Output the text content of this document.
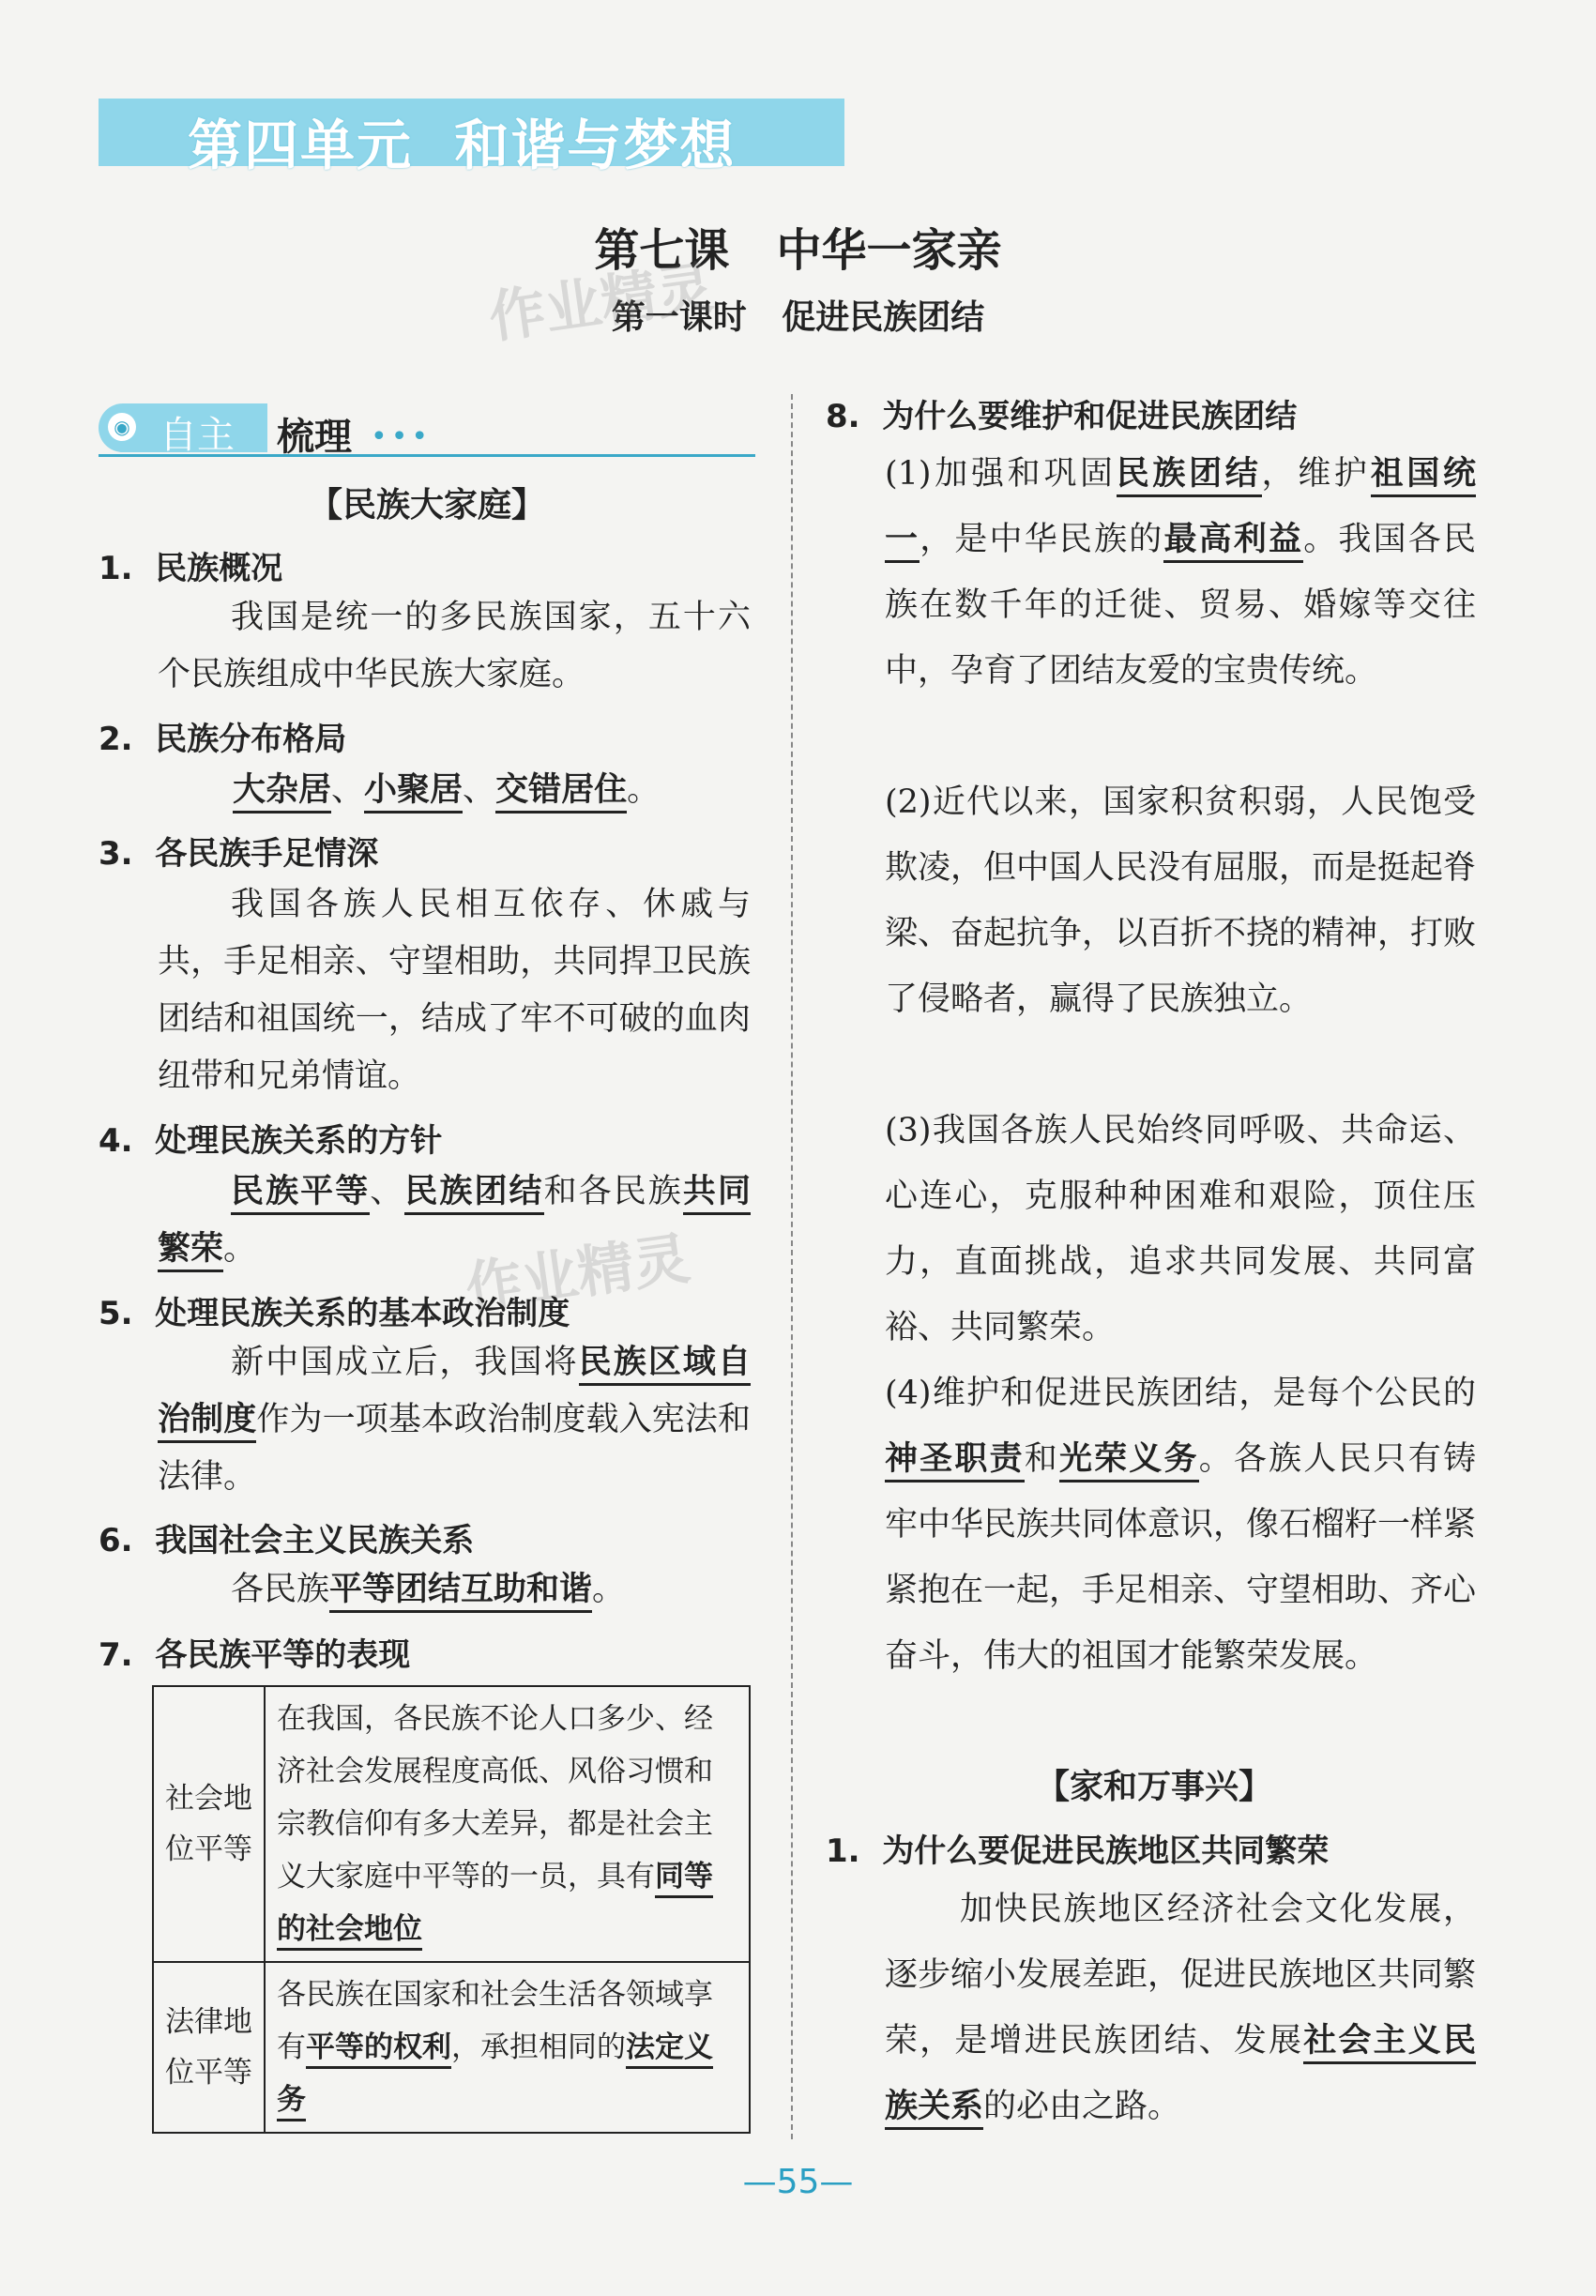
第四单元  和谐与梦想
第七课   中华一家亲
第一课时   促进民族团结
作业精灵
作业精灵
◉ 自主 梳理 •••
【民族大家庭】
1.  民族概况
我国是统一的多民族国家，五十六个民族组成中华民族大家庭。
2.  民族分布格局
大杂居、小聚居、交错居住。
3.  各民族手足情深
我国各族人民相互依存、休戚与共，手足相亲、守望相助，共同捍卫民族团结和祖国统一，结成了牢不可破的血肉纽带和兄弟情谊。
4.  处理民族关系的方针
民族平等、民族团结和各民族共同繁荣。
5.  处理民族关系的基本政治制度
新中国成立后，我国将民族区域自治制度作为一项基本政治制度载入宪法和法律。
6.  我国社会主义民族关系
各民族平等团结互助和谐。
7.  各民族平等的表现
社会地位平等	在我国，各民族不论人口多少、经济社会发展程度高低、风俗习惯和宗教信仰有多大差异，都是社会主义大家庭中平等的一员，具有同等的社会地位
法律地位平等	各民族在国家和社会生活各领域享有平等的权利，承担相同的法定义务
8.  为什么要维护和促进民族团结
(1)加强和巩固民族团结，维护祖国统一，是中华民族的最高利益。我国各民族在数千年的迁徙、贸易、婚嫁等交往中，孕育了团结友爱的宝贵传统。
(2)近代以来，国家积贫积弱，人民饱受欺凌，但中国人民没有屈服，而是挺起脊梁、奋起抗争，以百折不挠的精神，打败了侵略者，赢得了民族独立。
(3)我国各族人民始终同呼吸、共命运、心连心，克服种种困难和艰险，顶住压力，直面挑战，追求共同发展、共同富裕、共同繁荣。
(4)维护和促进民族团结，是每个公民的神圣职责和光荣义务。各族人民只有铸牢中华民族共同体意识，像石榴籽一样紧紧抱在一起，手足相亲、守望相助、齐心奋斗，伟大的祖国才能繁荣发展。
【家和万事兴】
1.  为什么要促进民族地区共同繁荣
加快民族地区经济社会文化发展，逐步缩小发展差距，促进民族地区共同繁荣，是增进民族团结、发展社会主义民族关系的必由之路。
—55—
